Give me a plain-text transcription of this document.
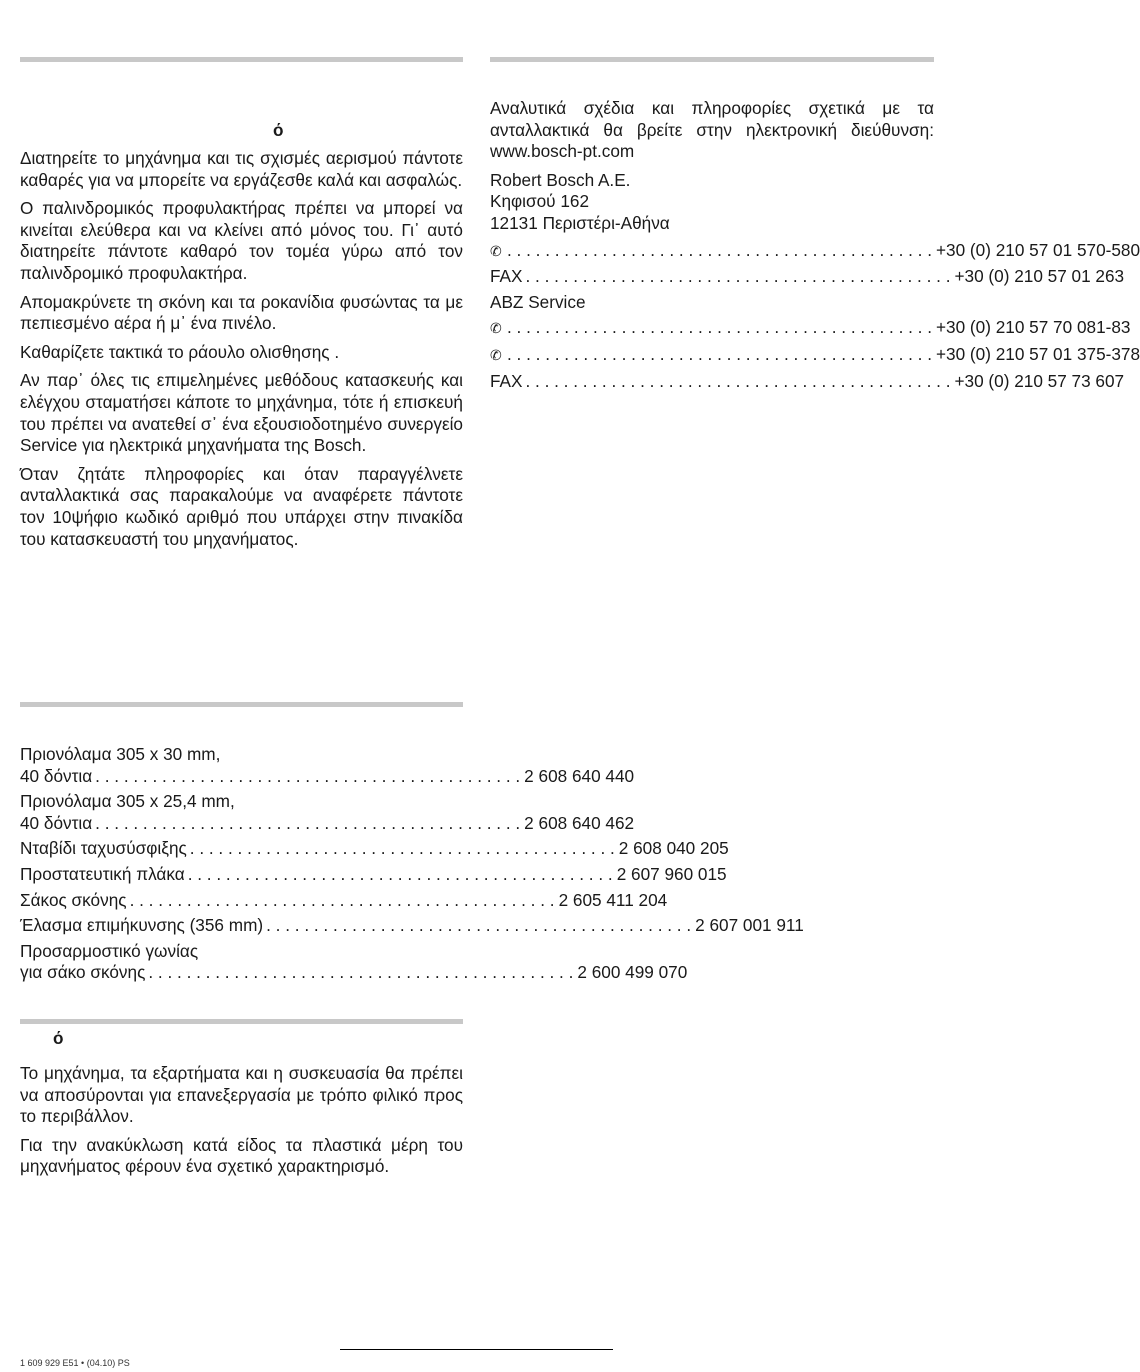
ό

Διατηρείτε το μηχάνημα και τις σχισμές αερισμού πάντοτε καθαρές για να μπορείτε να εργάζεσθε καλά και ασφαλώς.

Ο παλινδρομικός προφυλακτήρας πρέπει να μπορεί να κινείται ελεύθερα και να κλείνει από μόνος του. Γι᾽ αυτό διατηρείτε πάντοτε καθαρό τον τομέα γύρω από τον παλινδρομικό προφυλακτήρα.

Απομακρύνετε τη σκόνη και τα ροκανίδια φυσώντας τα με πεπιεσμένο αέρα ή μ᾽ ένα πινέλο.

Καθαρίζετε τακτικά το ράουλο ολισθησης .

Αν παρ᾽ όλες τις επιμελημένες μεθόδους κατασκευής και ελέγχου σταματήσει κάποτε το μηχάνημα, τότε ή επισκευή του πρέπει να ανατεθεί σ᾽ ένα εξουσιοδοτημένο συνεργείο Service για ηλεκτρικά μηχανήματα της Bosch.

Όταν ζητάτε πληροφορίες και όταν παραγγέλνετε ανταλλακτικά σας παρακαλούμε να αναφέρετε πάντοτε τον 10ψήφιο κωδικό αριθμό που υπάρχει στην πινακίδα του κατασκευαστή του μηχανήματος.

Πριονόλαμα 305 x 30 mm,
40 δόντια . . . . . . . . . . . . . . . . . . . . . . . . . . . . . . . . . . . . . . . . . . . . . 2 608 640 440
Πριονόλαμα 305 x 25,4 mm,
40 δόντια . . . . . . . . . . . . . . . . . . . . . . . . . . . . . . . . . . . . . . . . . . . . . 2 608 640 462
Νταβίδι ταχυσύσφιξης . . . . . . . . . . . . . . . . . . . . . . . . . . . . . . . . . . . . . . . . . . . . . 2 608 040 205
Προστατευτική πλάκα . . . . . . . . . . . . . . . . . . . . . . . . . . . . . . . . . . . . . . . . . . . . . 2 607 960 015
Σάκος σκόνης . . . . . . . . . . . . . . . . . . . . . . . . . . . . . . . . . . . . . . . . . . . . . 2 605 411 204
Έλασμα επιμήκυνσης (356 mm) . . . . . . . . . . . . . . . . . . . . . . . . . . . . . . . . . . . . . . . . . . . . . 2 607 001 911
Προσαρμοστικό γωνίας
για σάκο σκόνης . . . . . . . . . . . . . . . . . . . . . . . . . . . . . . . . . . . . . . . . . . . . . 2 600 499 070
ό

Το μηχάνημα, τα εξαρτήματα και η συσκευασία θα πρέπει να αποσύρονται για επανεξεργασία με τρόπο φιλικό προς το περιβάλλον.

Για την ανακύκλωση κατά είδος τα πλαστικά μέρη του μηχανήματος φέρουν ένα σχετικό χαρακτηρισμό.

Αναλυτικά σχέδια και πληροφορίες σχετικά με τα ανταλλακτικά θα βρείτε στην ηλεκτρονική διεύθυνση: www.bosch-pt.com

Robert Bosch A.E.
Κηφισού 162
12131 Περιστέρι-Αθήνα
✆ . . . . . . . . . . . . . . . . . . . . . . . . . . . . . . . . . . . . . . . . . . . . . +30 (0) 210 57 01 570-580
FAX . . . . . . . . . . . . . . . . . . . . . . . . . . . . . . . . . . . . . . . . . . . . . +30 (0) 210 57 01 263
ABZ Service
✆ . . . . . . . . . . . . . . . . . . . . . . . . . . . . . . . . . . . . . . . . . . . . . +30 (0) 210 57 70 081-83
✆ . . . . . . . . . . . . . . . . . . . . . . . . . . . . . . . . . . . . . . . . . . . . . +30 (0) 210 57 01 375-378
FAX . . . . . . . . . . . . . . . . . . . . . . . . . . . . . . . . . . . . . . . . . . . . . +30 (0) 210 57 73 607
1 609 929 E51 • (04.10) PS
